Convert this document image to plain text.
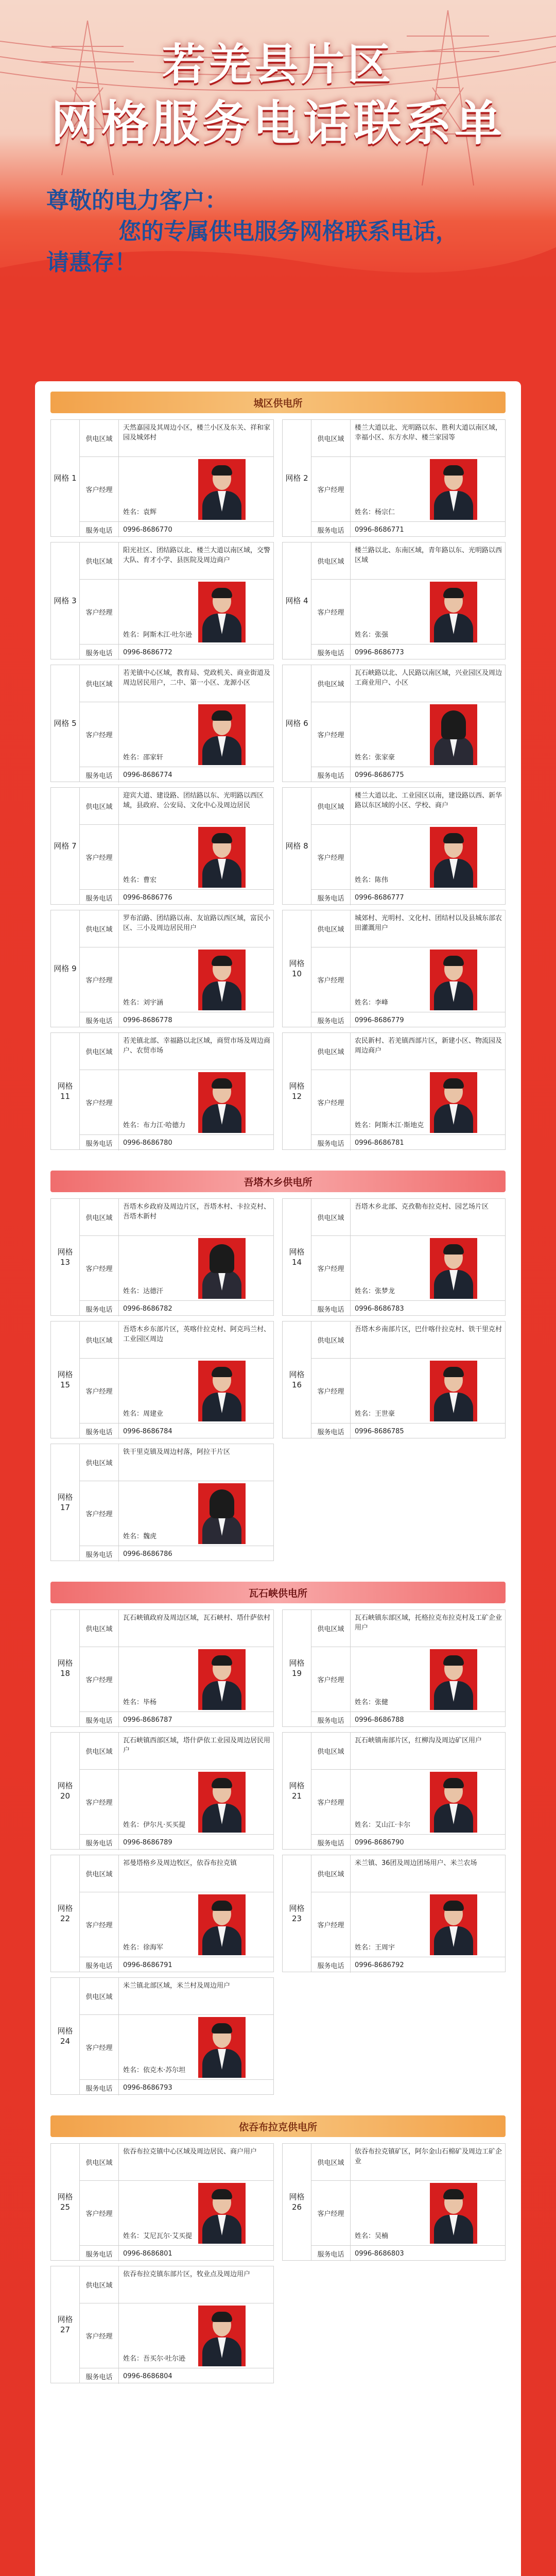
若羌县片区
网格服务电话联系单
尊敬的电力客户：
您的专属供电服务网格联系电话，
请惠存！
城区供电所
网格 1
供电区域
天然嘉园及其周边小区，楼兰小区及东关、祥和家园及城郊村
客户经理
姓名：袁辉
服务电话	0996-8686770
网格 2
供电区域
楼兰大道以北、光明路以东、胜利大道以南区域，幸福小区、东方水岸、楼兰家园等
客户经理
姓名：杨宗仁
服务电话	0996-8686771
网格 3
供电区域
阳光社区、团结路以北、楼兰大道以南区域，交警大队、育才小学、县医院及周边商户
客户经理
姓名：阿斯木江·吐尔逊
服务电话	0996-8686772
网格 4
供电区域
楼兰路以北、东南区域，青年路以东、光明路以西区域
客户经理
姓名：张强
服务电话	0996-8686773
网格 5
供电区域
若羌镇中心区域，教育局、党政机关、商业街道及周边居民用户，二中、第一小区、龙源小区
客户经理
姓名：邵家轩
服务电话	0996-8686774
网格 6
供电区域
瓦石峡路以北、人民路以南区域，兴业园区及周边工商业用户、小区
客户经理
姓名：张家豪
服务电话	0996-8686775
网格 7
供电区域
迎宾大道、建设路、团结路以东、光明路以西区域，县政府、公安局、文化中心及周边居民
客户经理
姓名：曹宏
服务电话	0996-8686776
网格 8
供电区域
楼兰大道以北、工业园区以南，建设路以西、新华路以东区域的小区、学校、商户
客户经理
姓名：陈伟
服务电话	0996-8686777
网格 9
供电区域
罗布泊路、团结路以南、友谊路以西区域，富民小区、三小及周边居民用户
客户经理
姓名：刘宇涵
服务电话	0996-8686778
网格 10
供电区域
城郊村、光明村、文化村、团结村以及县城东部农田灌溉用户
客户经理
姓名：李峰
服务电话	0996-8686779
网格 11
供电区域
若羌镇北部、幸福路以北区域，商贸市场及周边商户、农贸市场
客户经理
姓名：布力江·哈德力
服务电话	0996-8686780
网格 12
供电区域
农民新村、若羌镇西部片区，新建小区、物流园及周边商户
客户经理
姓名：阿斯木江·斯地克
服务电话	0996-8686781
吾塔木乡供电所
网格 13
供电区域
吾塔木乡政府及周边片区，吾塔木村、卡拉克村、吾塔木新村
客户经理
姓名：达德汗
服务电话	0996-8686782
网格 14
供电区域
吾塔木乡北部、克孜勒布拉克村、园艺场片区
客户经理
姓名：张梦龙
服务电话	0996-8686783
网格 15
供电区域
吾塔木乡东部片区，英喀什拉克村、阿克玛兰村、工业园区周边
客户经理
姓名：周建业
服务电话	0996-8686784
网格 16
供电区域
吾塔木乡南部片区，巴什喀什拉克村、铁干里克村
客户经理
姓名：王世豪
服务电话	0996-8686785
网格 17
供电区域
铁干里克镇及周边村落，阿拉干片区
客户经理
姓名：魏虎
服务电话	0996-8686786
瓦石峡供电所
网格 18
供电区域
瓦石峡镇政府及周边区域，瓦石峡村、塔什萨依村
客户经理
姓名：毕杨
服务电话	0996-8686787
网格 19
供电区域
瓦石峡镇东部区域，托格拉克布拉克村及工矿企业用户
客户经理
姓名：张健
服务电话	0996-8686788
网格 20
供电区域
瓦石峡镇西部区域，塔什萨依工业园及周边居民用户
客户经理
姓名：伊尔凡·买买提
服务电话	0996-8686789
网格 21
供电区域
瓦石峡镇南部片区，红柳沟及周边矿区用户
客户经理
姓名：艾山江·卡尔
服务电话	0996-8686790
网格 22
供电区域
祁曼塔格乡及周边牧区，依吞布拉克镇
客户经理
姓名：徐海军
服务电话	0996-8686791
网格 23
供电区域
米兰镇、36团及周边团场用户、米兰农场
客户经理
姓名：王周宇
服务电话	0996-8686792
网格 24
供电区域
米兰镇北部区域，米兰村及周边用户
客户经理
姓名：依克木·苏尔坦
服务电话	0996-8686793
依吞布拉克供电所
网格 25
供电区域
依吞布拉克镇中心区域及周边居民、商户用户
客户经理
姓名：艾尼瓦尔·艾买提
服务电话	0996-8686801
网格 26
供电区域
依吞布拉克镇矿区，阿尔金山石棉矿及周边工矿企业
客户经理
姓名：吴楠
服务电话	0996-8686803
网格 27
供电区域
依吞布拉克镇东部片区，牧业点及周边用户
客户经理
姓名：吾买尔·吐尔逊
服务电话	0996-8686804
